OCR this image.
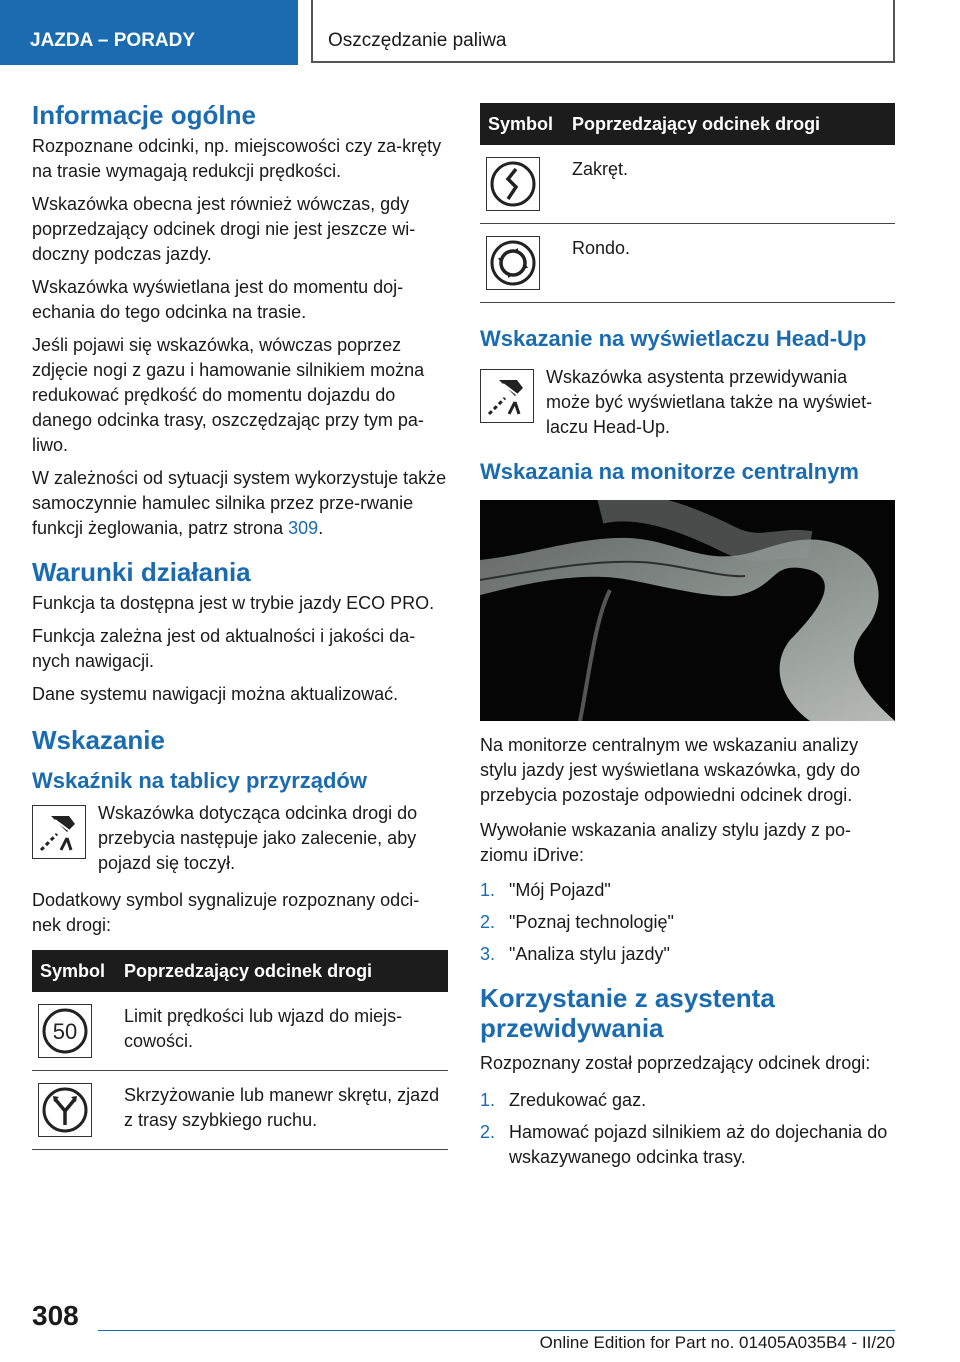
JAZDA – PORADY	Oszczędzanie paliwa
Informacje ogólne

Rozpoznane odcinki, np. miejscowości czy za-kręty na trasie wymagają redukcji prędkości.

Wskazówka obecna jest również wówczas, gdy poprzedzający odcinek drogi nie jest jeszcze wi-doczny podczas jazdy.

Wskazówka wyświetlana jest do momentu doj-echania do tego odcinka na trasie.

Jeśli pojawi się wskazówka, wówczas poprzez zdjęcie nogi z gazu i hamowanie silnikiem można redukować prędkość do momentu dojazdu do danego odcinka trasy, oszczędzając przy tym pa-liwo.

W zależności od sytuacji system wykorzystuje także samoczynnie hamulec silnika przez prze-rwanie funkcji żeglowania, patrz strona 309.

Warunki działania

Funkcja ta dostępna jest w trybie jazdy ECO PRO.

Funkcja zależna jest od aktualności i jakości da-nych nawigacji.

Dane systemu nawigacji można aktualizować.

Wskazanie
Wskaźnik na tablicy przyrządów

Wskazówka dotycząca odcinka drogi do przebycia następuje jako zalecenie, aby pojazd się toczył.

Dodatkowy symbol sygnalizuje rozpoznany odci-nek drogi:

Symbol	Poprzedzający odcinek drogi

50	Limit prędkości lub wjazd do miejs-cowości.

	Skrzyżowanie lub manewr skrętu, zjazd z trasy szybkiego ruchu.
Symbol	Poprzedzający odcinek drogi

	Zakręt.

	Rondo.
Wskazanie na wyświetlaczu Head-Up

Wskazówka asystenta przewidywania może być wyświetlana także na wyświet-laczu Head-Up.

Wskazania na monitorze centralnym

Na monitorze centralnym we wskazaniu analizy stylu jazdy jest wyświetlana wskazówka, gdy do przebycia pozostaje odpowiedni odcinek drogi.

Wywołanie wskazania analizy stylu jazdy z po-ziomu iDrive:

1. "Mój Pojazd"
2. "Poznaj technologię"
3. "Analiza stylu jazdy"
Korzystanie z asystenta przewidywania

Rozpoznany został poprzedzający odcinek drogi:

1. Zredukować gaz.
2. Hamować pojazd silnikiem aż do dojechania do wskazywanego odcinka trasy.
308
Online Edition for Part no. 01405A035B4 - II/20
